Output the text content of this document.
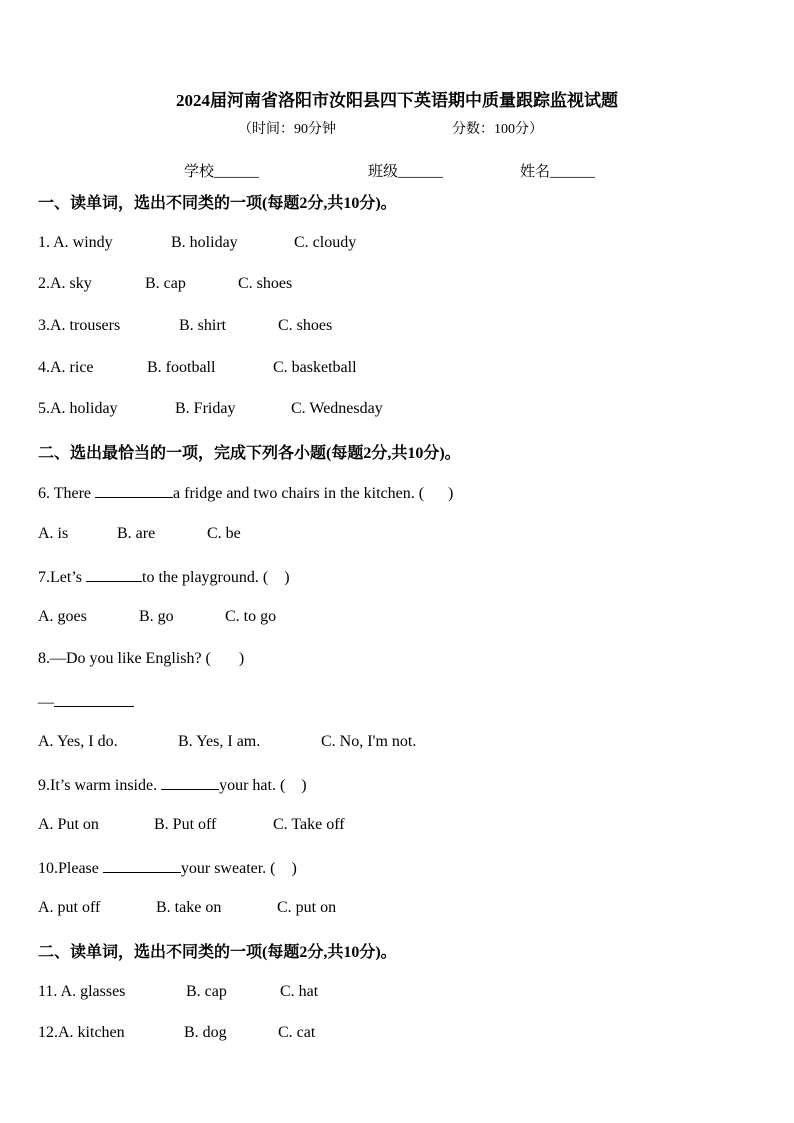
2024届河南省洛阳市汝阳县四下英语期中质量跟踪监视试题
（时间：90分钟	分数：100分）
学校______	班级______	姓名______
一、读单词，选出不同类的一项(每题2分,共10分)。
1. A. windy	B. holiday	C. cloudy
2.A. sky	B. cap	C. shoes
3.A. trousers	B. shirt	C. shoes
4.A. rice	B. football	C. basketball
5.A. holiday	B. Friday	C. Wednesday
二、选出最恰当的一项，完成下列各小题(每题2分,共10分)。
6. There	a fridge and two chairs in the kitchen. (      )
A. is	B. are	C. be
7.Let’s	to the playground. (    )
A. goes	B. go	C. to go
8.—Do you like English? (       )
—
A. Yes, I do.	B. Yes, I am.	C. No, I'm not.
9.It’s warm inside.	your hat. (    )
A. Put on	B. Put off	C. Take off
10.Please	your sweater. (    )
A. put off	B. take on	C. put on
二、读单词，选出不同类的一项(每题2分,共10分)。
11. A. glasses	B. cap	C. hat
12.A. kitchen	B. dog	C. cat
